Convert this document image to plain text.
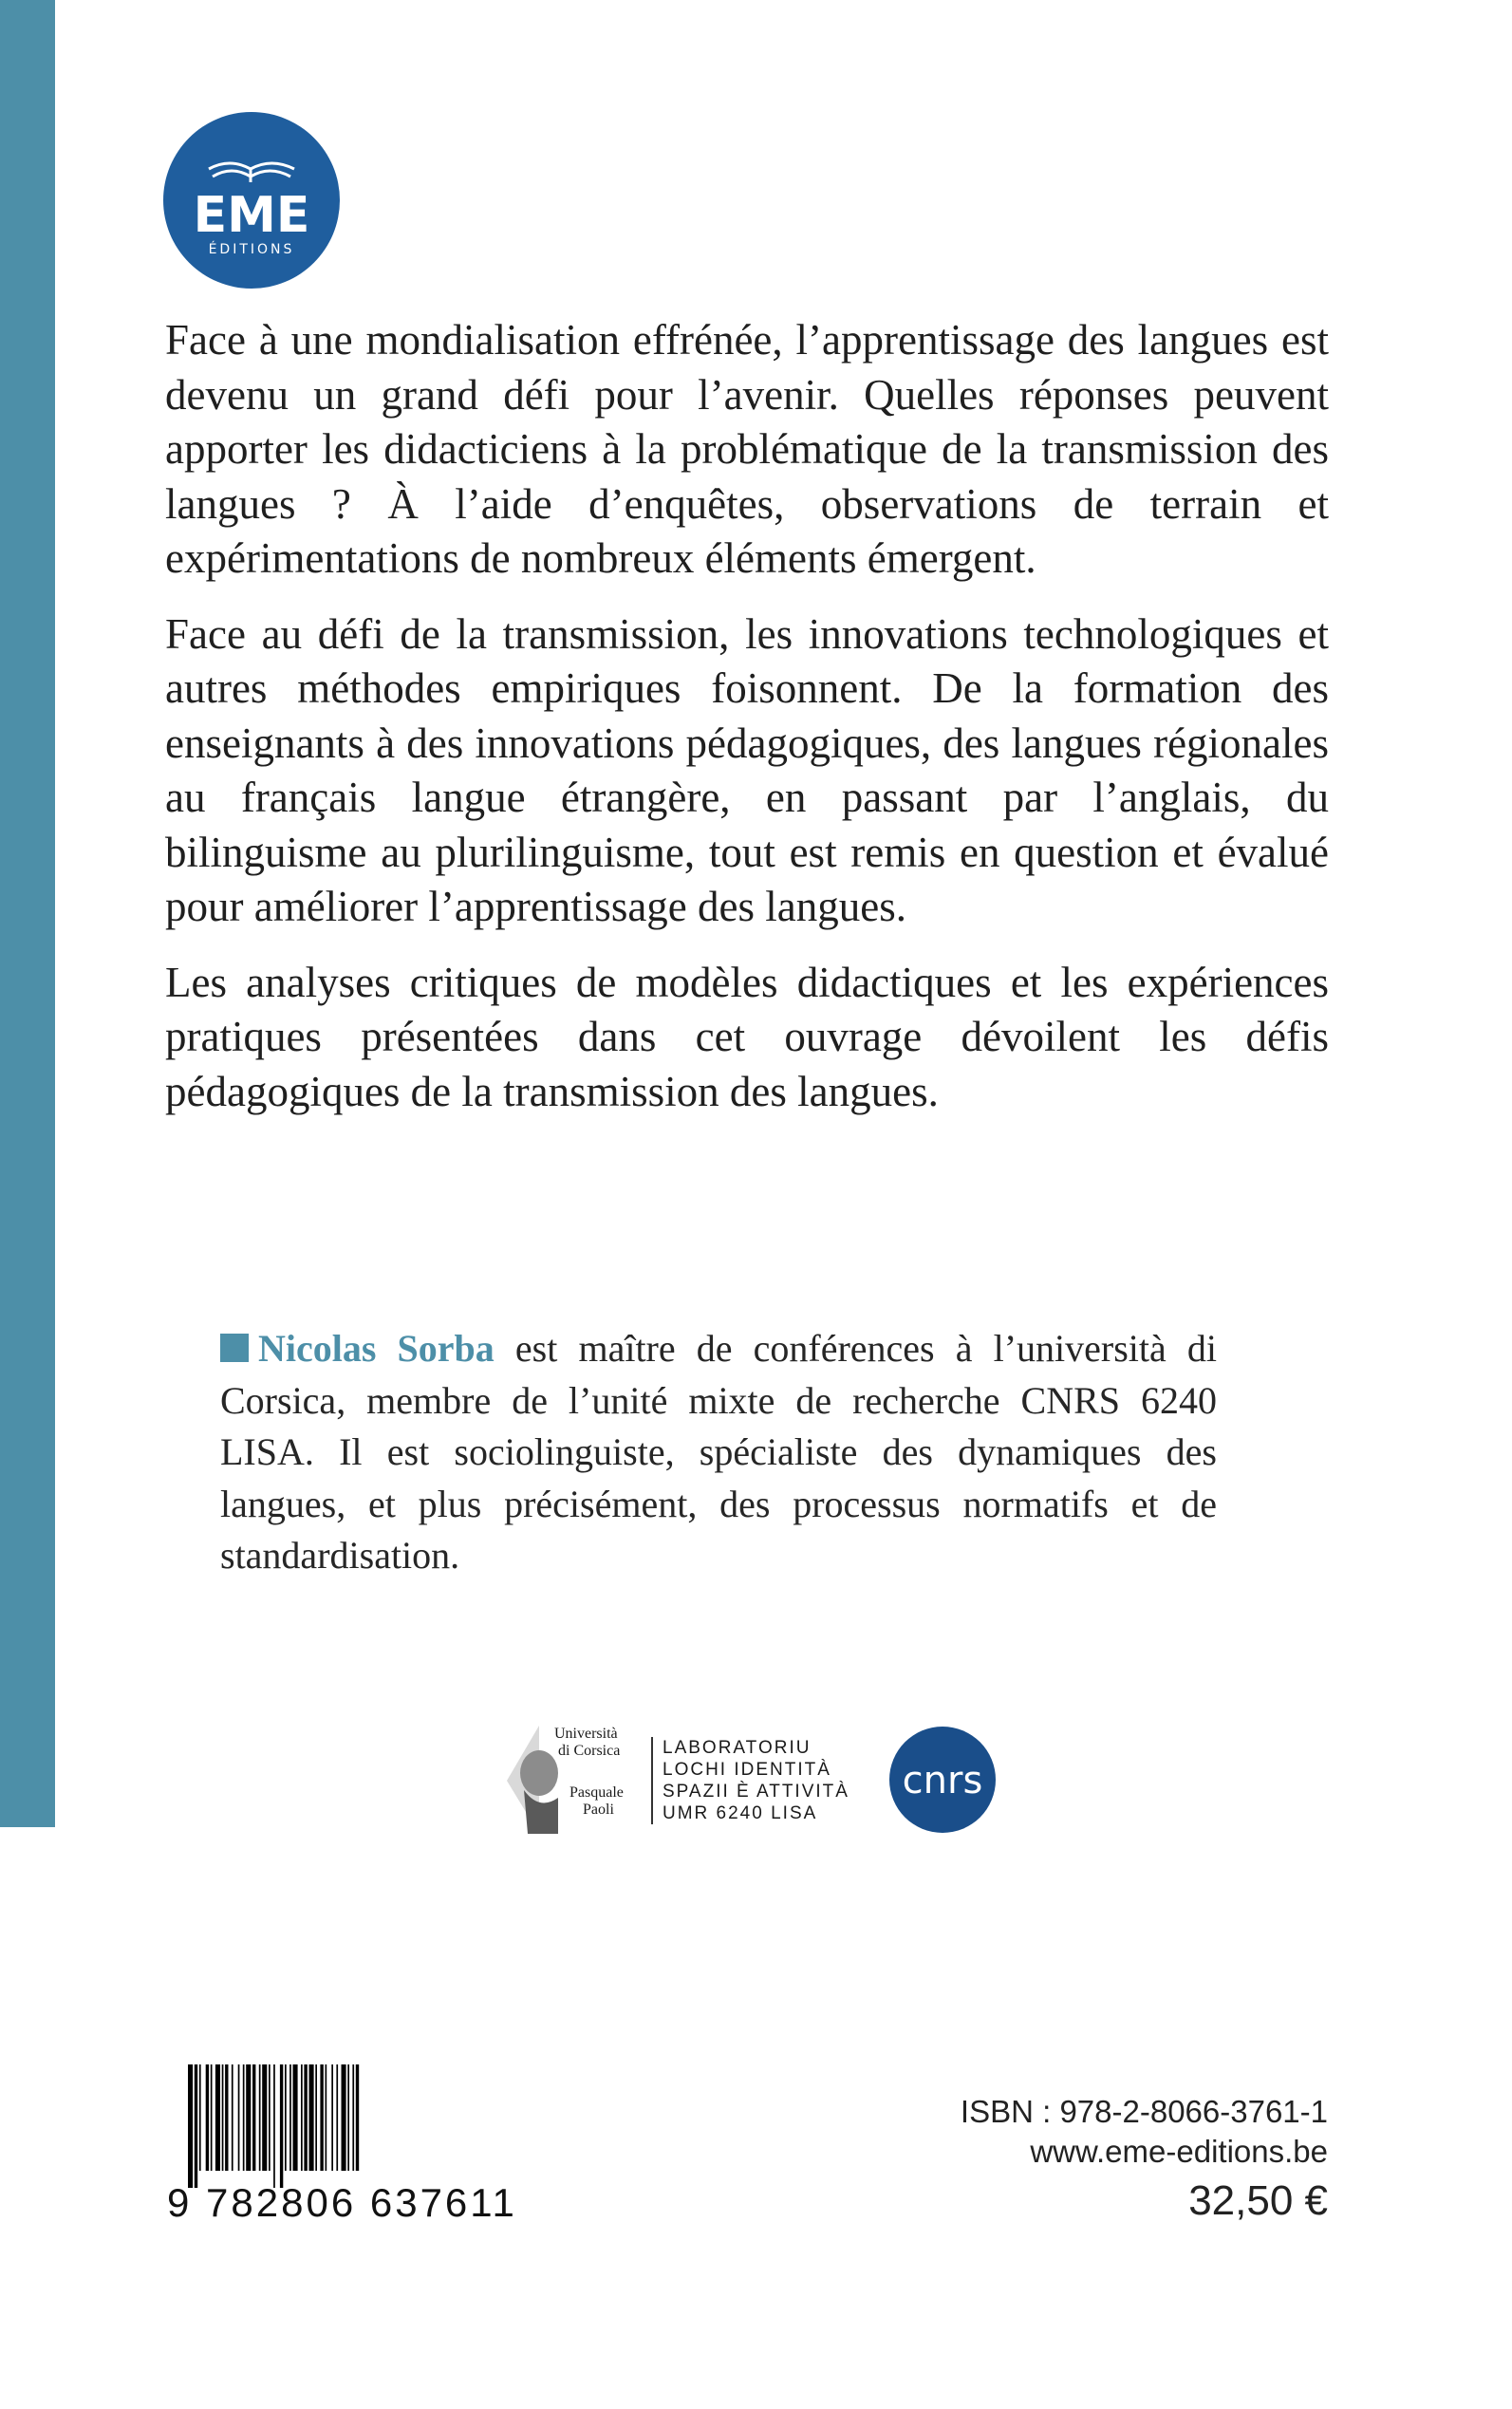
EME
ÉDITIONS

Face à une mondialisation effrénée, l’apprentissage des langues est devenu un grand défi pour l’avenir. Quelles réponses peuvent apporter les didacticiens à la problématique de la transmission des langues ? À l’aide d’enquêtes, observations de terrain et expérimentations de nombreux éléments émergent.

Face au défi de la transmission, les innovations technologiques et autres méthodes empiriques foisonnent. De la formation des enseignants à des innovations pédagogiques, des langues régionales au français langue étrangère, en passant par l’anglais, du bilinguisme au plurilinguisme, tout est remis en question et évalué pour améliorer l’apprentissage des langues.

Les analyses critiques de modèles didactiques et les expériences pratiques présentées dans cet ouvrage dévoilent les défis pédagogiques de la transmission des langues.

Nicolas Sorba est maître de conférences à l’università di Corsica, membre de l’unité mixte de recherche CNRS 6240 LISA. Il est sociolinguiste, spécialiste des dynamiques des langues, et plus précisément, des processus normatifs et de standardisation.
Università
di Corsica
Pasquale
Paoli
LABORATORIU
LOCHI IDENTITÀ
SPAZII È ATTIVITÀ
UMR 6240 LISA
cnrs
9 782806 637611
ISBN : 978-2-8066-3761-1
www.eme-editions.be
32,50 €
